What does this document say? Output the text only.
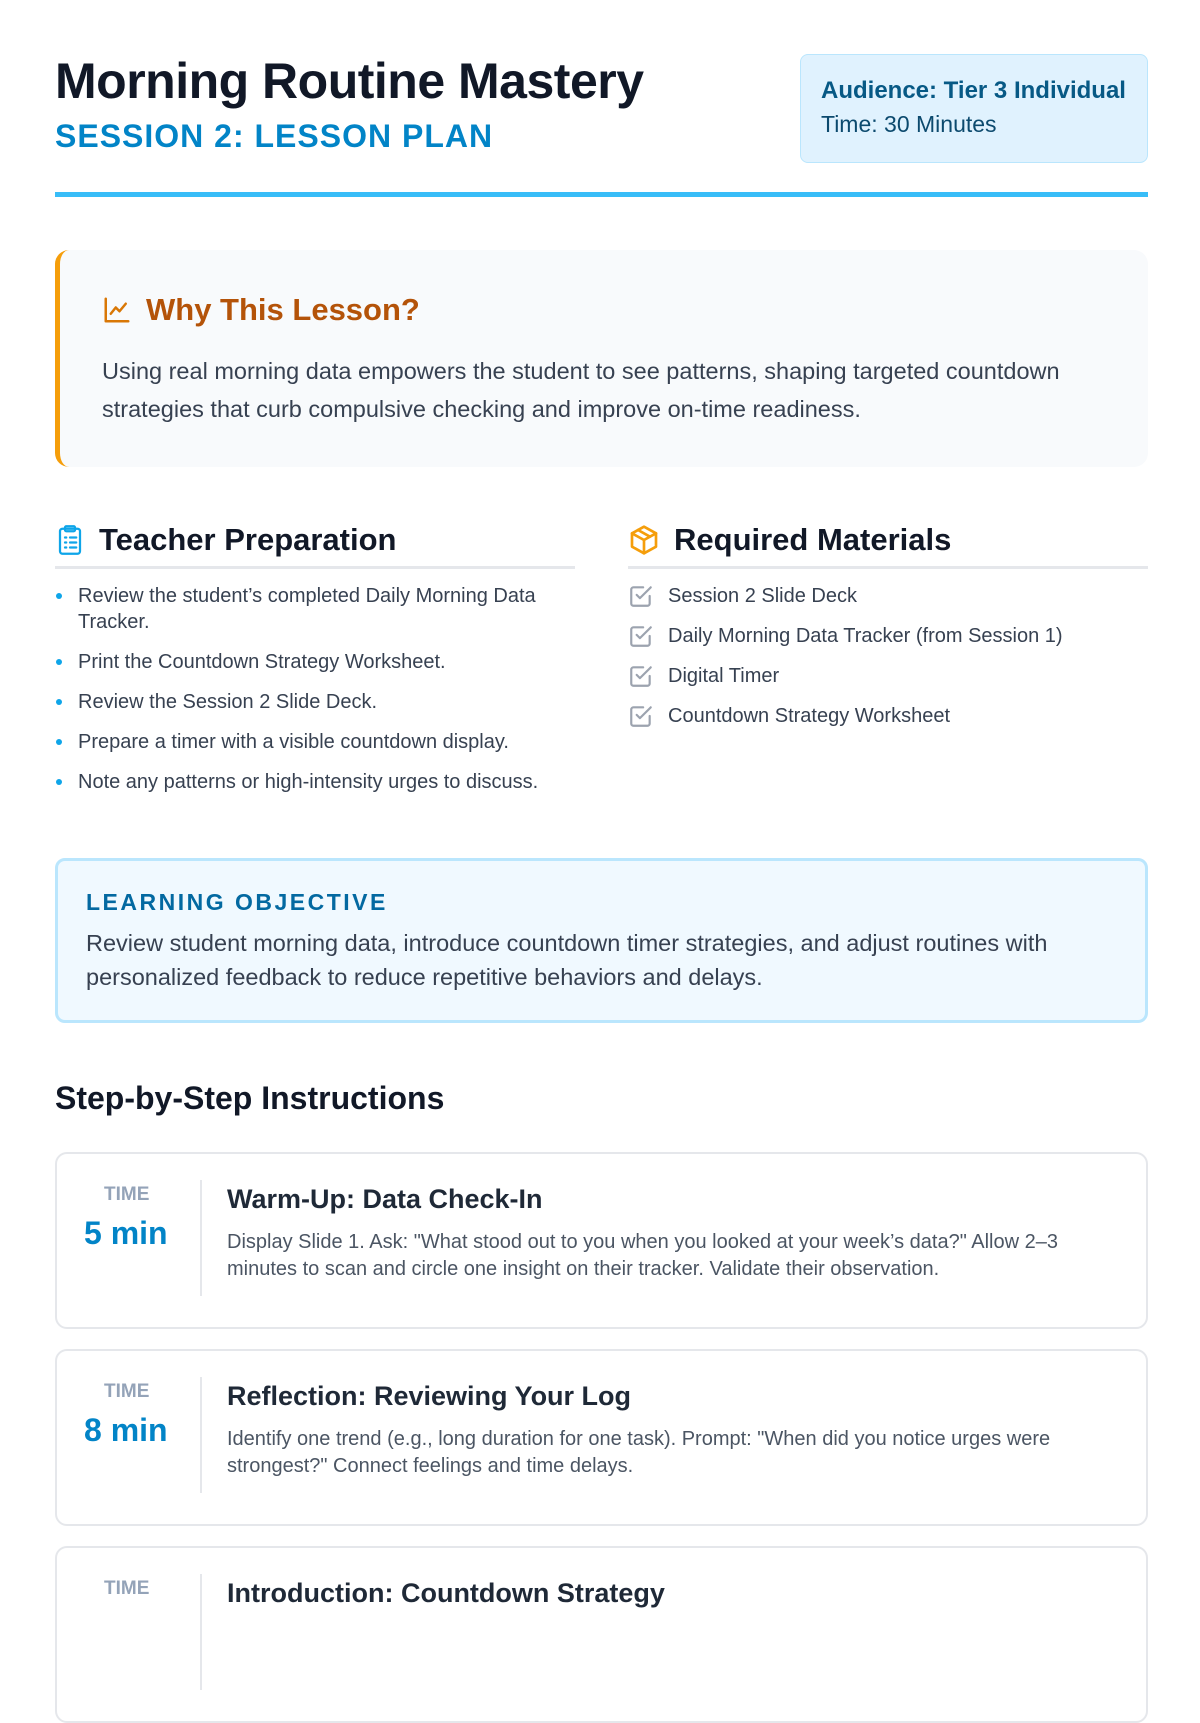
Morning Routine Mastery
SESSION 2: LESSON PLAN
Audience: Tier 3 Individual
Time: 30 Minutes
Why This Lesson?
Using real morning data empowers the student to see patterns, shaping targeted countdown strategies that curb compulsive checking and improve on-time readiness.
Teacher Preparation
Review the student’s completed Daily Morning Data Tracker.
Print the Countdown Strategy Worksheet.
Review the Session 2 Slide Deck.
Prepare a timer with a visible countdown display.
Note any patterns or high-intensity urges to discuss.
Required Materials
Session 2 Slide Deck
Daily Morning Data Tracker (from Session 1)
Digital Timer
Countdown Strategy Worksheet
LEARNING OBJECTIVE
Review student morning data, introduce countdown timer strategies, and adjust routines with personalized feedback to reduce repetitive behaviors and delays.
Step-by-Step Instructions
TIME
5 min
Warm-Up: Data Check-In
Display Slide 1. Ask: "What stood out to you when you looked at your week’s data?" Allow 2–3 minutes to scan and circle one insight on their tracker. Validate their observation.
TIME
8 min
Reflection: Reviewing Your Log
Identify one trend (e.g., long duration for one task). Prompt: "When did you notice urges were strongest?" Connect feelings and time delays.
TIME	Introduction: Countdown Strategy
